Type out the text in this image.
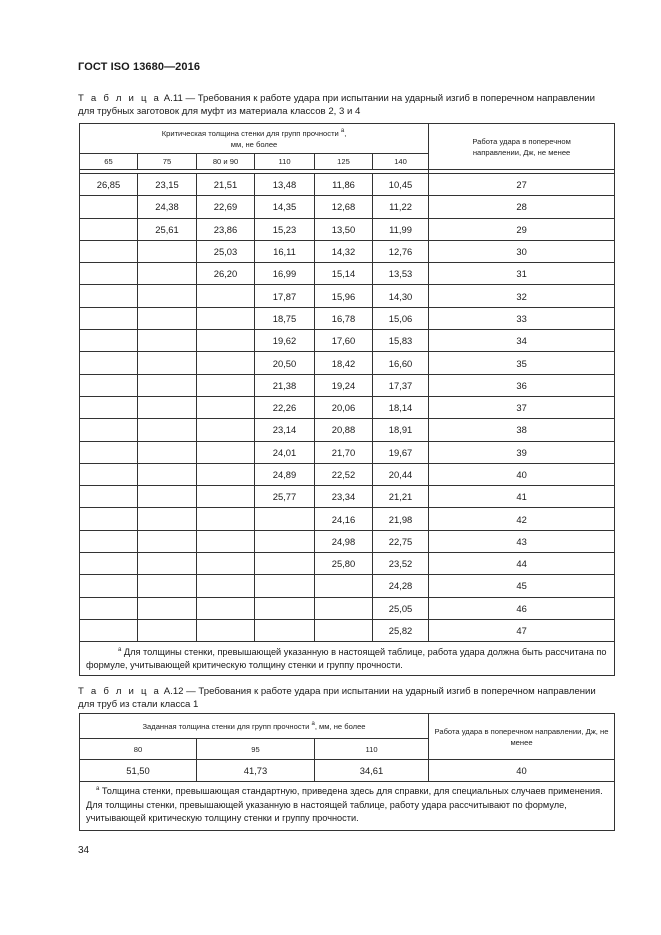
ГОСТ ISO 13680—2016
Т а б л и ц а А.11 — Требования к работе удара при испытании на ударный изгиб в поперечном направлении для трубных заготовок для муфт из материала классов 2, 3 и 4
Критическая толщина стенки для групп прочности $^a$,
мм, не более						Работа удара в поперечном
направлении, Дж, не менее
65	75	80 и 90	110	125	140	

26,85	23,15	21,51	13,48	11,86	10,45	27
	24,38	22,69	14,35	12,68	11,22	28
	25,61	23,86	15,23	13,50	11,99	29
		25,03	16,11	14,32	12,76	30
		26,20	16,99	15,14	13,53	31
			17,87	15,96	14,30	32
			18,75	16,78	15,06	33
			19,62	17,60	15,83	34
			20,50	18,42	16,60	35
			21,38	19,24	17,37	36
			22,26	20,06	18,14	37
			23,14	20,88	18,91	38
			24,01	21,70	19,67	39
			24,89	22,52	20,44	40
			25,77	23,34	21,21	41
				24,16	21,98	42
				24,98	22,75	43
				25,80	23,52	44
					24,28	45
					25,05	46
					25,82	47
$^a$ Для толщины стенки, превышающей указанную в настоящей таблице, работа удара должна быть рассчитана по формуле, учитывающей критическую толщину стенки и группу прочности.						
Т а б л и ц а А.12 — Требования к работе удара при испытании на ударный изгиб в поперечном направлении для труб из стали класса 1
Заданная толщина стенки для групп прочности $^a$, мм, не более			Работа удара в поперечном направлении, Дж, не менее
80	95	110	
51,50	41,73	34,61	40
$^a$ Толщина стенки, превышающая стандартную, приведена здесь для справки, для специальных случаев применения. Для толщины стенки, превышающей указанную в настоящей таблице, работу удара рассчитывают по формуле, учитывающей критическую толщину стенки и группу прочности.			
34
